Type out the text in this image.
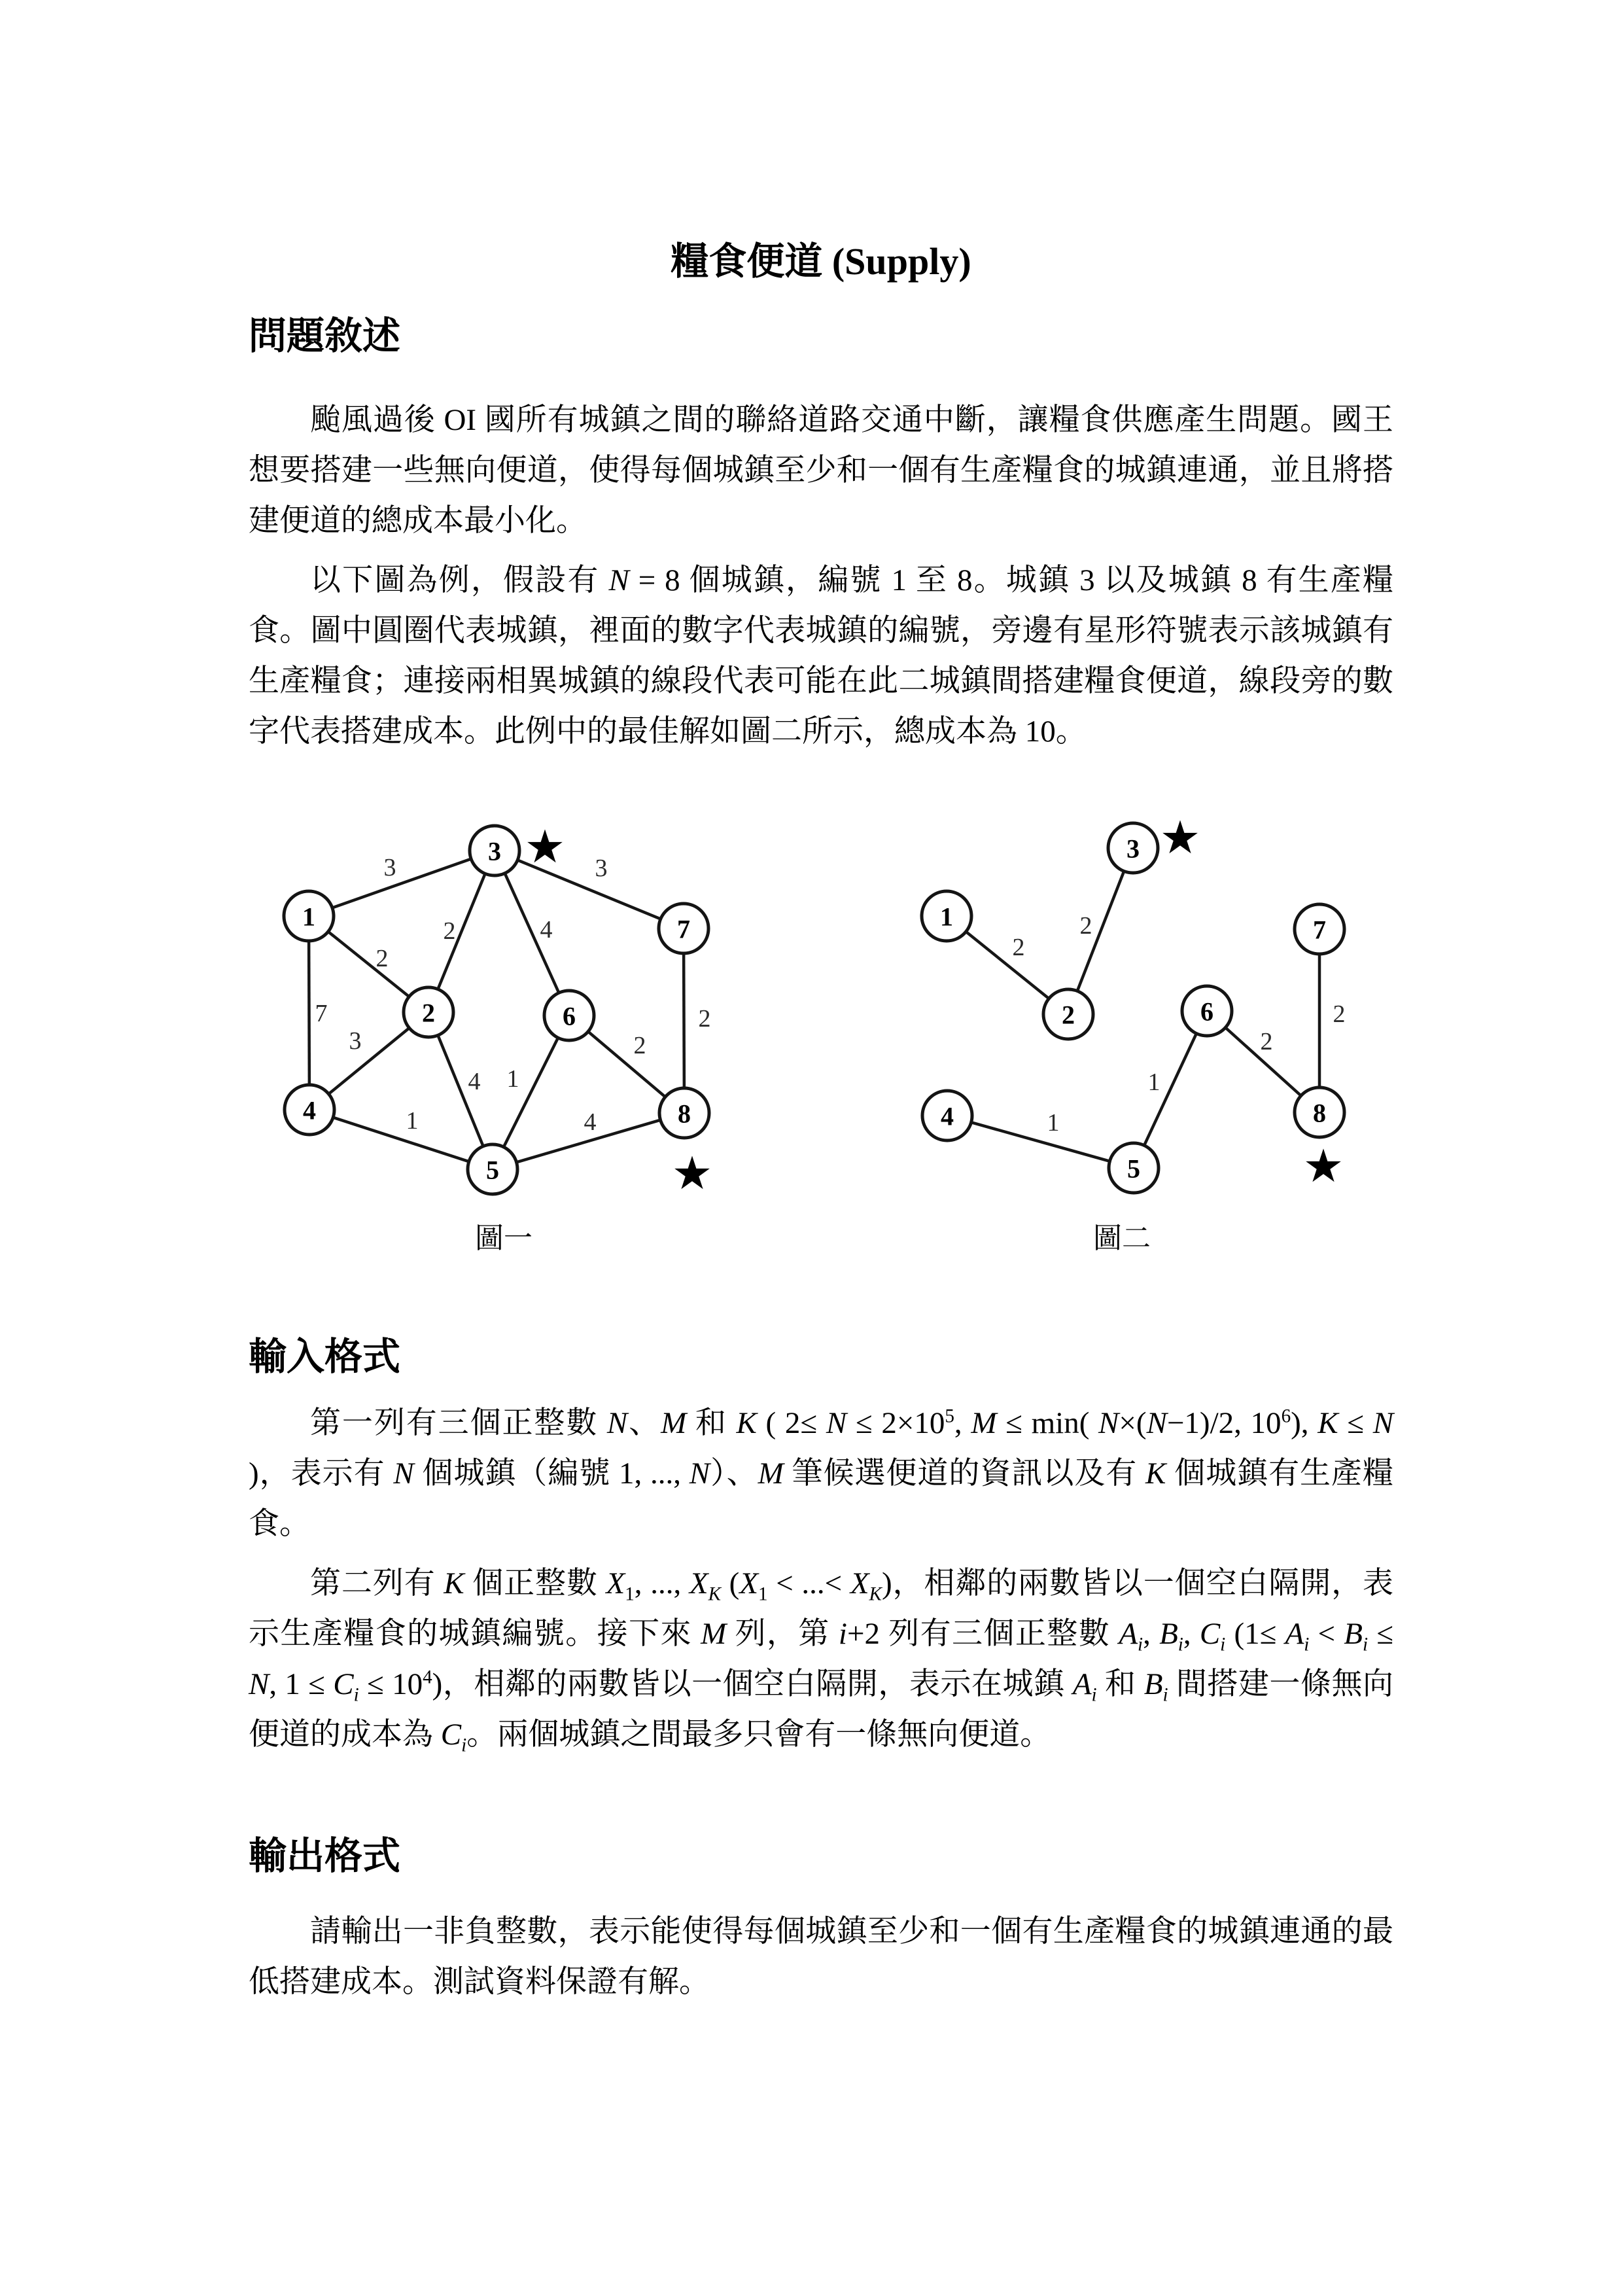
糧食便道 (Supply)
問題敘述

颱風過後 OI 國所有城鎮之間的聯絡道路交通中斷，讓糧食供應產生問題。國王想要搭建一些無向便道，使得每個城鎮至少和一個有生產糧食的城鎮連通，並且將搭建便道的總成本最小化。

以下圖為例，假設有 N = 8 個城鎮，編號 1 至 8。城鎮 3 以及城鎮 8 有生產糧食。圖中圓圈代表城鎮，裡面的數字代表城鎮的編號，旁邊有星形符號表示該城鎮有生產糧食；連接兩相異城鎮的線段代表可能在此二城鎮間搭建糧食便道，線段旁的數字代表搭建成本。此例中的最佳解如圖二所示，總成本為 10。

3	3
2
2	4
7
3
4 1
2
2
1	4
1
2
3 ★
4
5
6
7
8
★
圖一
2
2
1
1
2
2
1
2
3 ★
4
5
6
7
8
★
圖二
輸入格式

第一列有三個正整數 N、M 和 K ( $2\le N \le 2\times 10^5$, M ≤ min( N×(N−1)/2, $10^6$), K ≤ N )，表示有 N 個城鎮（編號 1, ..., N）、M 筆候選便道的資訊以及有 K 個城鎮有生產糧食。

第二列有 K 個正整數 $X_1$, ..., $X_K$ ($X_1$ < ...< $X_K$)，相鄰的兩數皆以一個空白隔開，表示生產糧食的城鎮編號。接下來 M 列，第 i+2 列有三個正整數 $A_i$, $B_i$, $C_i$ ($1\le A_i < B_i \le N$, $1 \le C_i \le 10^4$)，相鄰的兩數皆以一個空白隔開，表示在城鎮 $A_i$ 和 $B_i$ 間搭建一條無向便道的成本為 $C_i$。兩個城鎮之間最多只會有一條無向便道。

輸出格式

請輸出一非負整數，表示能使得每個城鎮至少和一個有生產糧食的城鎮連通的最低搭建成本。測試資料保證有解。
